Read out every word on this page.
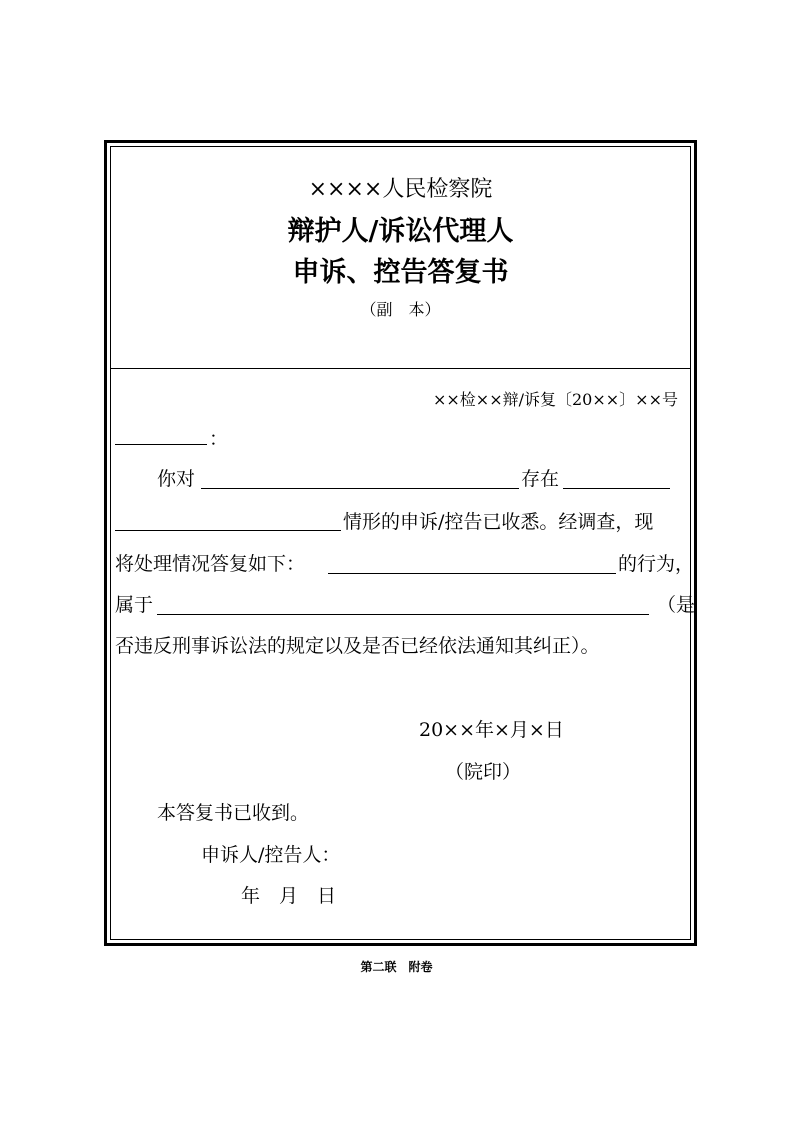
××××人民检察院
辩护人/诉讼代理人
申诉、控告答复书
（副　本）
××检××辩/诉复〔20××〕××号
：
你对	存在
情形的申诉/控告已收悉。经调查，现
将处理情况答复如下：	的行为，
属于	（是
否违反刑事诉讼法的规定以及是否已经依法通知其纠正）。
20××年×月×日
（院印）
本答复书已收到。
申诉人/控告人：
年　月　日
第二联　附卷
